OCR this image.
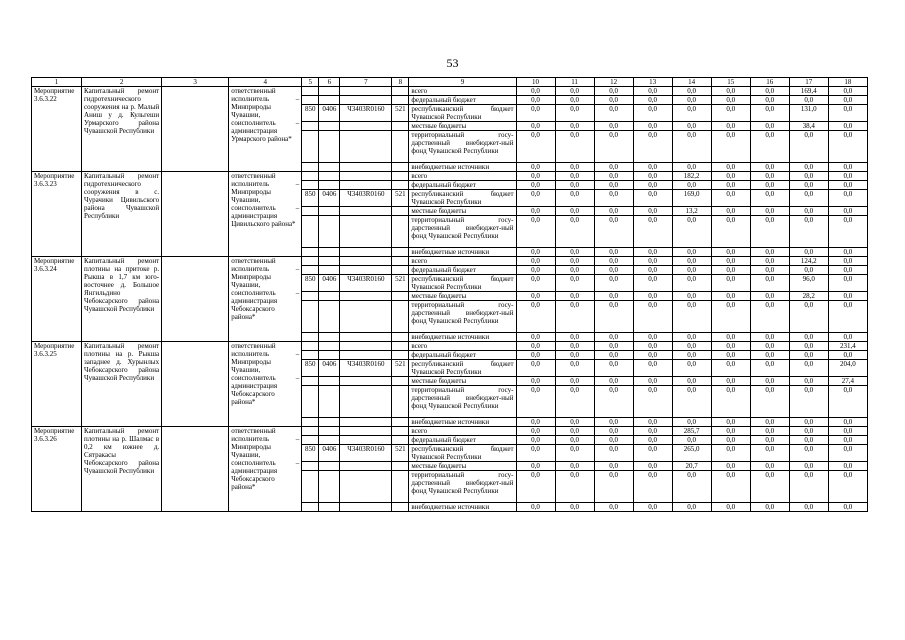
53
1	2	3	4	5	6	7	8	9	10	11	12	13	14	15	16	17	18
Мероприятие 3.6.3.22	Капитальный ремонт гидротехнического сооружения на р. Малый Аниш у д. Кульгеши Урмарского района Чувашской Республики		ответственный исполнитель – Минприроды Чувашии, соисполнитель – администрация Урмарского района*					всего	0,0	0,0	0,0	0,0	0,0	0,0	0,0	169,4	0,0
								федеральный бюджет	0,0	0,0	0,0	0,0	0,0	0,0	0,0	0,0	0,0
				850	0406	Ч3403R0160	521	республиканский бюджет Чувашской Республики	0,0	0,0	0,0	0,0	0,0	0,0	0,0	131,0	0,0
								местные бюджеты	0,0	0,0	0,0	0,0	0,0	0,0	0,0	38,4	0,0
								территориальный госу-дарственный внебюджет-ный фонд Чувашской Республики	0,0	0,0	0,0	0,0	0,0	0,0	0,0	0,0	0,0
								внебюджетные источники	0,0	0,0	0,0	0,0	0,0	0,0	0,0	0,0	0,0
Мероприятие 3.6.3.23	Капитальный ремонт гидротехнического сооружения в с. Чурачики Цивильского района Чувашской Республики		ответственный исполнитель – Минприроды Чувашии, соисполнитель – администрация Цивильского района*					всего	0,0	0,0	0,0	0,0	182,2	0,0	0,0	0,0	0,0
								федеральный бюджет	0,0	0,0	0,0	0,0	0,0	0,0	0,0	0,0	0,0
				850	0406	Ч3403R0160	521	республиканский бюджет Чувашской Республики	0,0	0,0	0,0	0,0	169,0	0,0	0,0	0,0	0,0
								местные бюджеты	0,0	0,0	0,0	0,0	13,2	0,0	0,0	0,0	0,0
								территориальный госу-дарственный внебюджет-ный фонд Чувашской Республики	0,0	0,0	0,0	0,0	0,0	0,0	0,0	0,0	0,0
								внебюджетные источники	0,0	0,0	0,0	0,0	0,0	0,0	0,0	0,0	0,0
Мероприятие 3.6.3.24	Капитальный ремонт плотины на притоке р. Рыкша в 1,7 км юго-восточнее д. Большое Янгильдино Чебоксарского района Чувашской Республики		ответственный исполнитель – Минприроды Чувашии, соисполнитель – администрация Чебоксарского района*					всего	0,0	0,0	0,0	0,0	0,0	0,0	0,0	124,2	0,0
								федеральный бюджет	0,0	0,0	0,0	0,0	0,0	0,0	0,0	0,0	0,0
				850	0406	Ч3403R0160	521	республиканский бюджет Чувашской Республики	0,0	0,0	0,0	0,0	0,0	0,0	0,0	96,0	0,0
								местные бюджеты	0,0	0,0	0,0	0,0	0,0	0,0	0,0	28,2	0,0
								территориальный госу-дарственный внебюджет-ный фонд Чувашской Республики	0,0	0,0	0,0	0,0	0,0	0,0	0,0	0,0	0,0
								внебюджетные источники	0,0	0,0	0,0	0,0	0,0	0,0	0,0	0,0	0,0
Мероприятие 3.6.3.25	Капитальный ремонт плотины на р. Рыкша западнее д. Хурынлых Чебоксарского района Чувашской Республики		ответственный исполнитель – Минприроды Чувашии, соисполнитель – администрация Чебоксарского района*					всего	0,0	0,0	0,0	0,0	0,0	0,0	0,0	0,0	231,4
								федеральный бюджет	0,0	0,0	0,0	0,0	0,0	0,0	0,0	0,0	0,0
				850	0406	Ч3403R0160	521	республиканский бюджет Чувашской Республики	0,0	0,0	0,0	0,0	0,0	0,0	0,0	0,0	204,0
								местные бюджеты	0,0	0,0	0,0	0,0	0,0	0,0	0,0	0,0	27,4
								территориальный госу-дарственный внебюджет-ный фонд Чувашской Республики	0,0	0,0	0,0	0,0	0,0	0,0	0,0	0,0	0,0
								внебюджетные источники	0,0	0,0	0,0	0,0	0,0	0,0	0,0	0,0	0,0
Мероприятие 3.6.3.26	Капитальный ремонт плотины на р. Шалмас в 0,2 км южнее д. Сятракасы Чебоксарского района Чувашской Республики		ответственный исполнитель – Минприроды Чувашии, соисполнитель – администрация Чебоксарского района*					всего	0,0	0,0	0,0	0,0	285,7	0,0	0,0	0,0	0,0
								федеральный бюджет	0,0	0,0	0,0	0,0	0,0	0,0	0,0	0,0	0,0
				850	0406	Ч3403R0160	521	республиканский бюджет Чувашской Республики	0,0	0,0	0,0	0,0	265,0	0,0	0,0	0,0	0,0
								местные бюджеты	0,0	0,0	0,0	0,0	20,7	0,0	0,0	0,0	0,0
								территориальный госу-дарственный внебюджет-ный фонд Чувашской Республики	0,0	0,0	0,0	0,0	0,0	0,0	0,0	0,0	0,0
								внебюджетные источники	0,0	0,0	0,0	0,0	0,0	0,0	0,0	0,0	0,0
